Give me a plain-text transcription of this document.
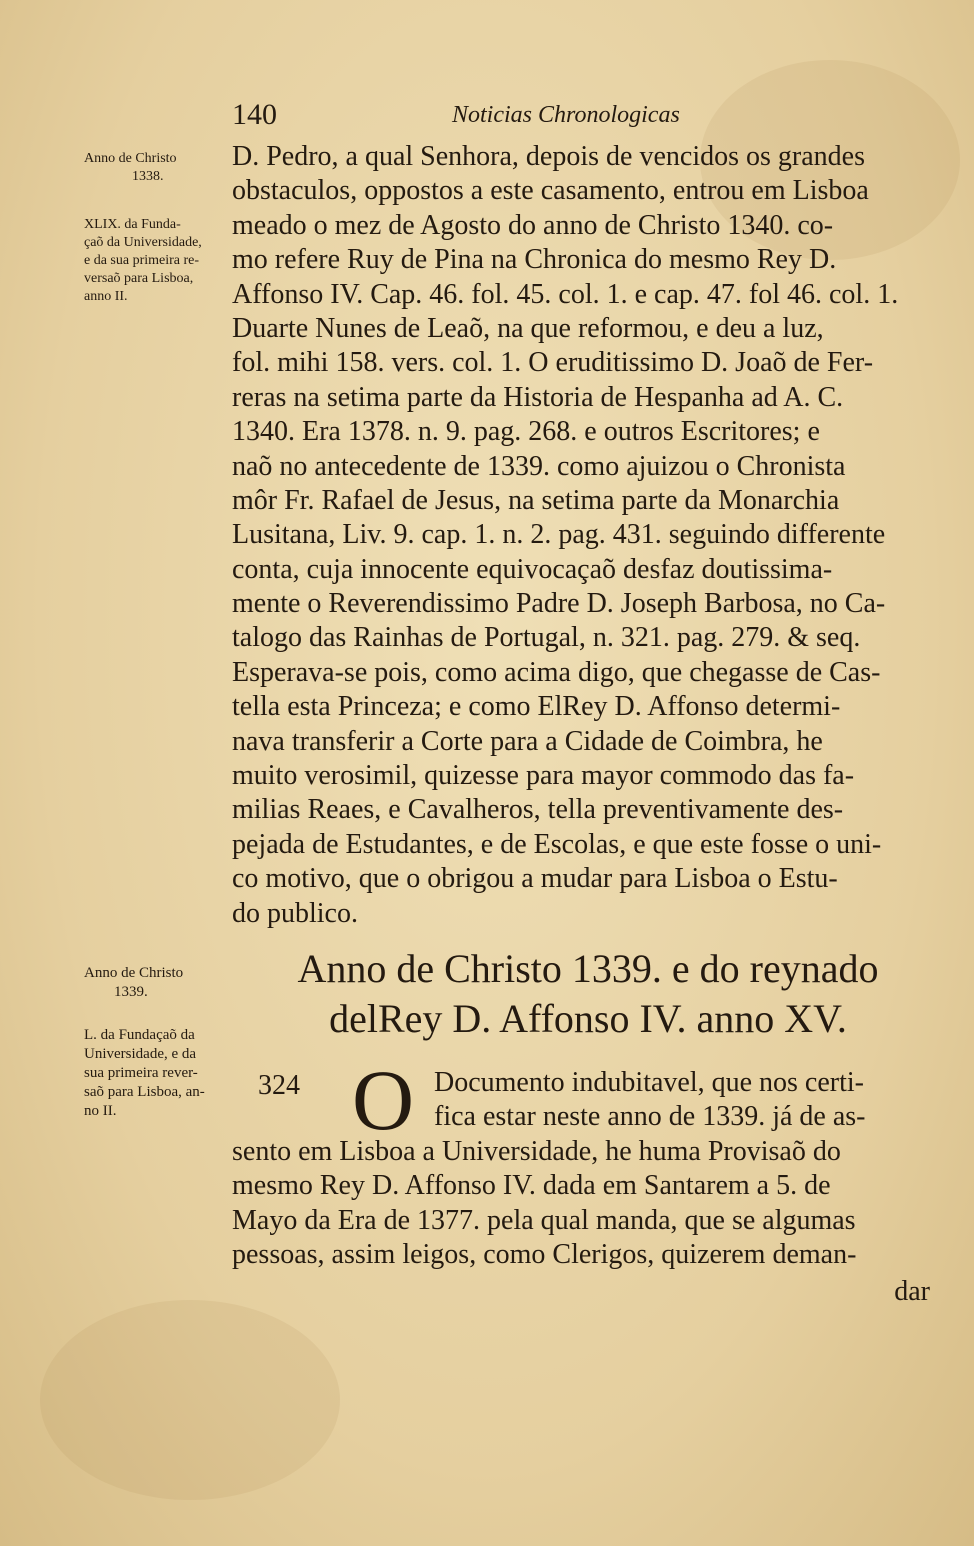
140	Noticias Chronologicas
Anno de Christo
1338.
XLIX. da Funda-
çaõ da Universidade,
e da sua primeira re-
versaõ para Lisboa,
anno II.
D. Pedro, a qual Senhora, depois de vencidos os grandes
obstaculos, oppostos a este casamento, entrou em Lisboa
meado o mez de Agosto do anno de Christo 1340. co-
mo refere Ruy de Pina na Chronica do mesmo Rey D.
Affonso IV. Cap. 46. fol. 45. col. 1. e cap. 47. fol 46. col. 1.
Duarte Nunes de Leaõ, na que reformou, e deu a luz,
fol. mihi 158. vers. col. 1. O eruditissimo D. Joaõ de Fer-
reras na setima parte da Historia de Hespanha ad A. C.
1340. Era 1378. n. 9. pag. 268. e outros Escritores; e
naõ no antecedente de 1339. como ajuizou o Chronista
môr Fr. Rafael de Jesus, na setima parte da Monarchia
Lusitana, Liv. 9. cap. 1. n. 2. pag. 431. seguindo differente
conta, cuja innocente equivocaçaõ desfaz doutissima-
mente o Reverendissimo Padre D. Joseph Barbosa, no Ca-
talogo das Rainhas de Portugal, n. 321. pag. 279. & seq.
Esperava-se pois, como acima digo, que chegasse de Cas-
tella esta Princeza; e como ElRey D. Affonso determi-
nava transferir a Corte para a Cidade de Coimbra, he
muito verosimil, quizesse para mayor commodo das fa-
milias Reaes, e Cavalheros, tella preventivamente des-
pejada de Estudantes, e de Escolas, e que este fosse o uni-
co motivo, que o obrigou a mudar para Lisboa o Estu-
do publico.
Anno de Christo
1339.
L. da Fundaçaõ da
Universidade, e da
sua primeira rever-
saõ para Lisboa, an-
no II.
Anno de Christo 1339. e do reynado
delRey D. Affonso IV. anno XV.
324 O Documento indubitavel, que nos certi-
fica estar neste anno de 1339. já de as-
sento em Lisboa a Universidade, he huma Provisaõ do
mesmo Rey D. Affonso IV. dada em Santarem a 5. de
Mayo da Era de 1377. pela qual manda, que se algumas
pessoas, assim leigos, como Clerigos, quizerem deman-
dar
